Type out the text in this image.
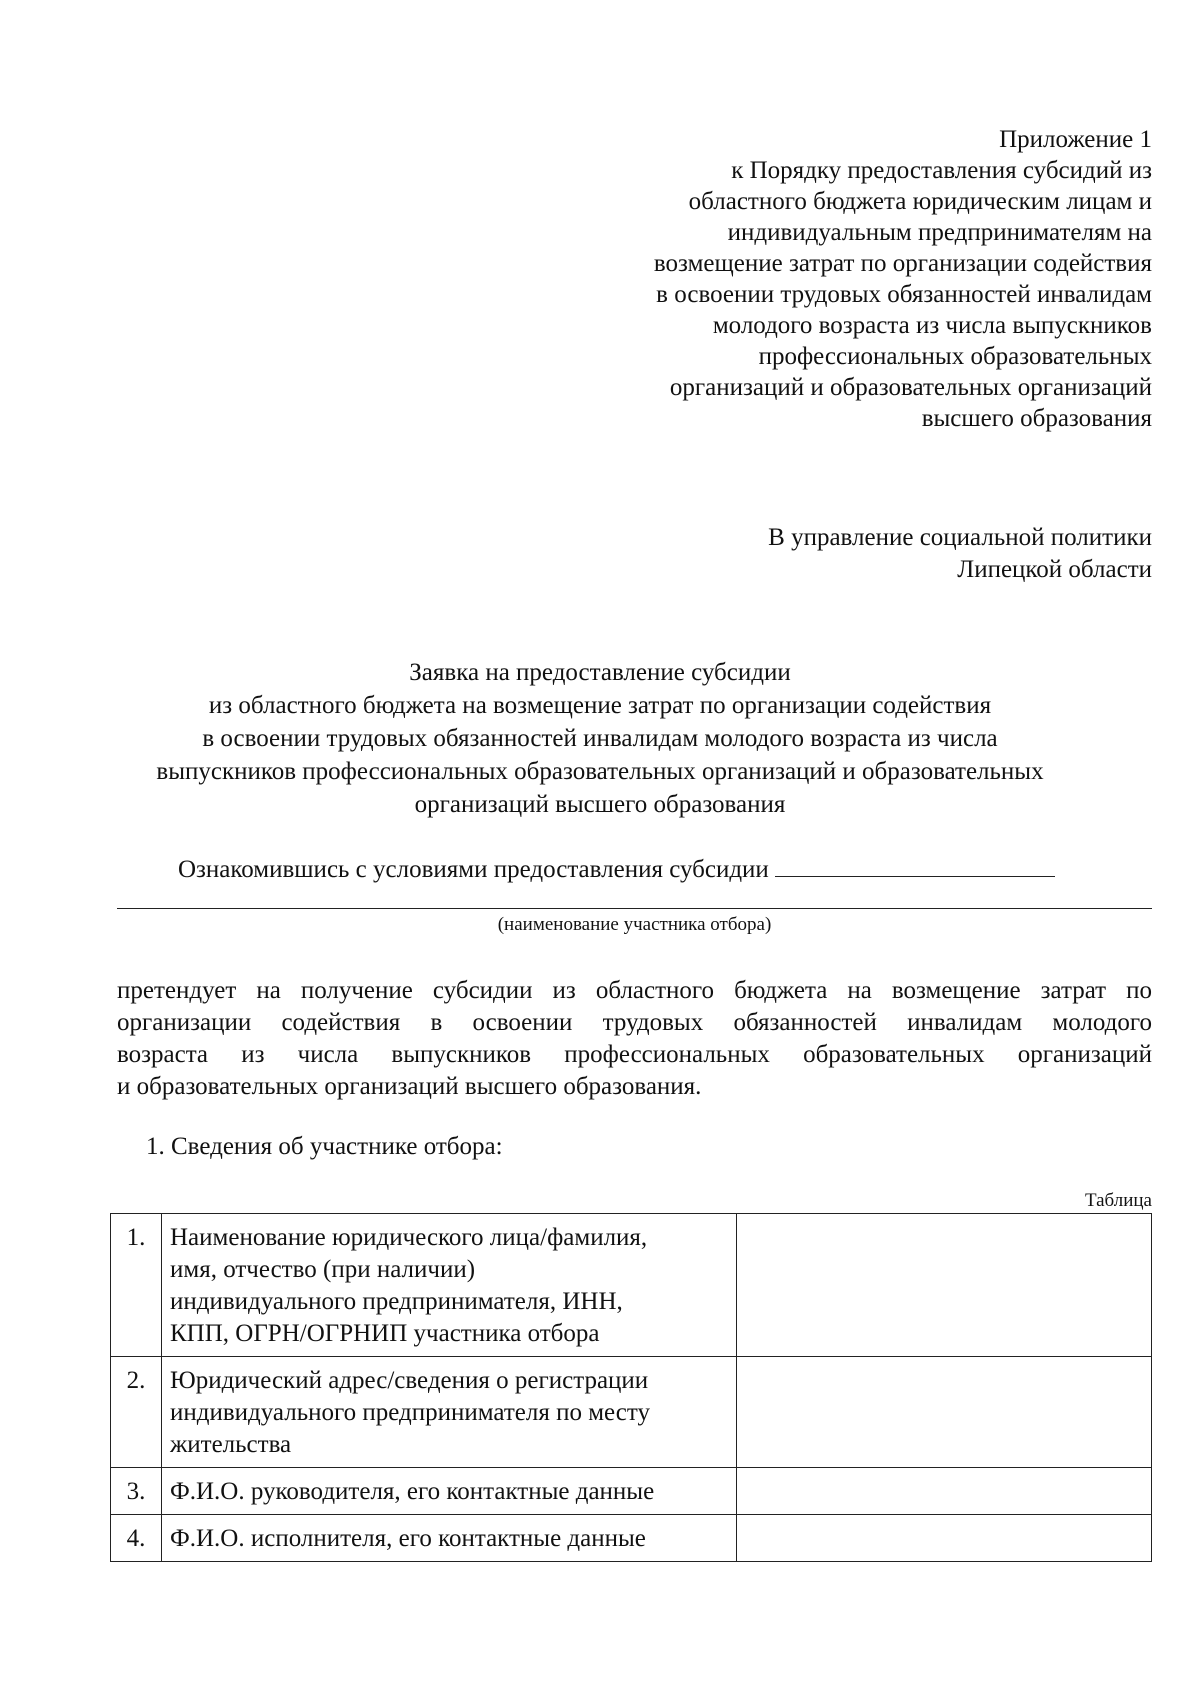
Приложение 1
к Порядку предоставления субсидий из
областного бюджета юридическим лицам и
индивидуальным предпринимателям на
возмещение затрат по организации содействия
в освоении трудовых обязанностей инвалидам
молодого возраста из числа выпускников
профессиональных образовательных
организаций и образовательных организаций
высшего образования
В управление социальной политики
Липецкой области
Заявка на предоставление субсидии
из областного бюджета на возмещение затрат по организации содействия
в освоении трудовых обязанностей инвалидам молодого возраста из числа
выпускников профессиональных образовательных организаций и образовательных
организаций высшего образования
Ознакомившись с условиями предоставления субсидии
(наименование участника отбора)
претендует на получение субсидии из областного бюджета на возмещение затрат по
организации содействия в освоении трудовых обязанностей инвалидам молодого
возраста из числа выпускников профессиональных образовательных организаций
и образовательных организаций высшего образования.
1. Сведения об участнике отбора:
Таблица
1.	Наименование юридического лица/фамилия,
имя, отчество (при наличии)
индивидуального предпринимателя, ИНН,
КПП, ОГРН/ОГРНИП участника отбора	

2.	Юридический адрес/сведения о регистрации
индивидуального предпринимателя по месту
жительства	

3.	Ф.И.О. руководителя, его контактные данные	

4.	Ф.И.О. исполнителя, его контактные данные	
